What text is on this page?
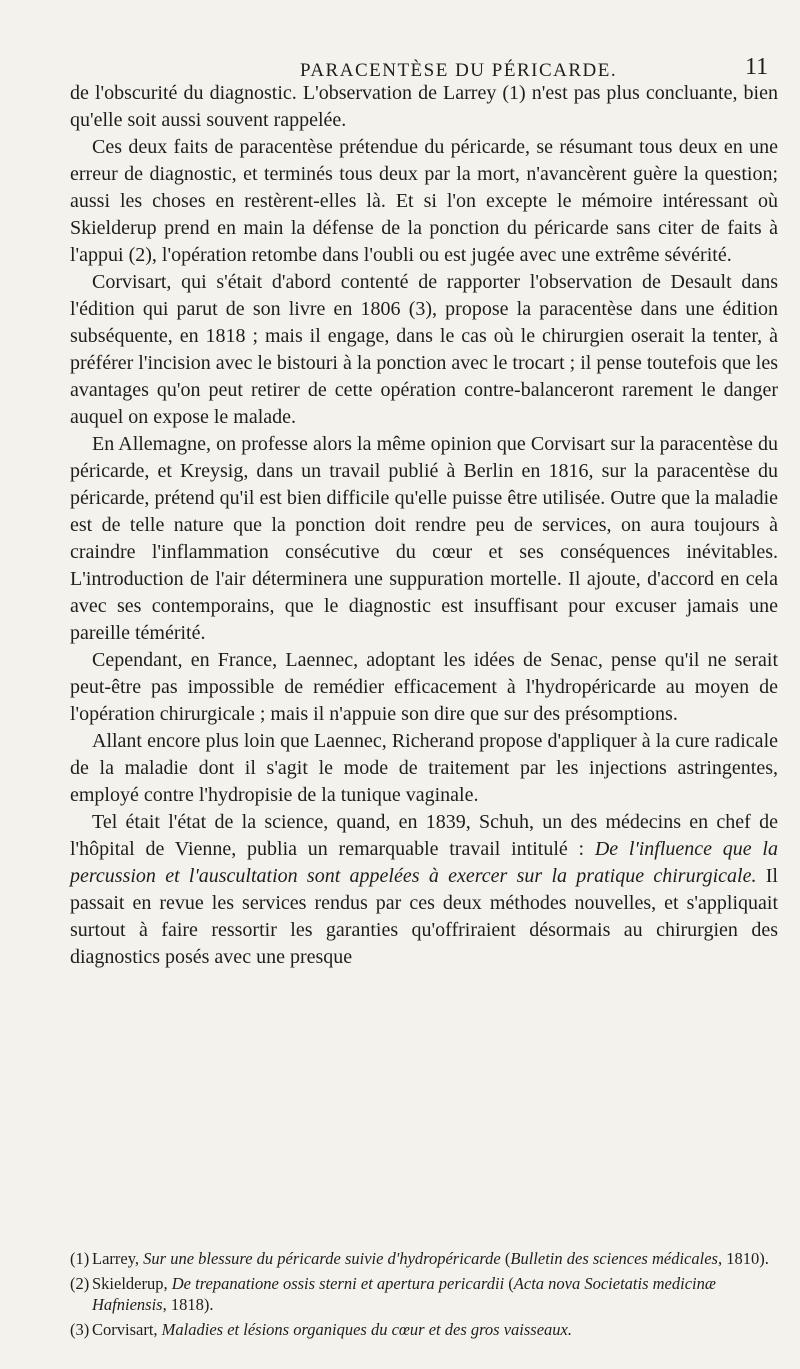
PARACENTÈSE DU PÉRICARDE.	11

de l'obscurité du diagnostic. L'observation de Larrey (1) n'est pas plus concluante, bien qu'elle soit aussi souvent rappelée.

Ces deux faits de paracentèse prétendue du péricarde, se résumant tous deux en une erreur de diagnostic, et terminés tous deux par la mort, n'avancèrent guère la question; aussi les choses en restèrent-elles là. Et si l'on excepte le mémoire intéressant où Skielderup prend en main la défense de la ponction du péricarde sans citer de faits à l'appui (2), l'opération retombe dans l'oubli ou est jugée avec une extrême sévérité.

Corvisart, qui s'était d'abord contenté de rapporter l'observation de Desault dans l'édition qui parut de son livre en 1806 (3), propose la paracentèse dans une édition subséquente, en 1818 ; mais il engage, dans le cas où le chirurgien oserait la tenter, à préférer l'incision avec le bistouri à la ponction avec le trocart ; il pense toutefois que les avantages qu'on peut retirer de cette opération contre-balanceront rarement le danger auquel on expose le malade.

En Allemagne, on professe alors la même opinion que Corvisart sur la paracentèse du péricarde, et Kreysig, dans un travail publié à Berlin en 1816, sur la paracentèse du péricarde, prétend qu'il est bien difficile qu'elle puisse être utilisée. Outre que la maladie est de telle nature que la ponction doit rendre peu de services, on aura toujours à craindre l'inflammation consécutive du cœur et ses conséquences inévitables. L'introduction de l'air déterminera une suppuration mortelle. Il ajoute, d'accord en cela avec ses contemporains, que le diagnostic est insuffisant pour excuser jamais une pareille témérité.

Cependant, en France, Laennec, adoptant les idées de Senac, pense qu'il ne serait peut-être pas impossible de remédier efficacement à l'hydropéricarde au moyen de l'opération chirurgicale ; mais il n'appuie son dire que sur des présomptions.

Allant encore plus loin que Laennec, Richerand propose d'appliquer à la cure radicale de la maladie dont il s'agit le mode de traitement par les injections astringentes, employé contre l'hydropisie de la tunique vaginale.

Tel était l'état de la science, quand, en 1839, Schuh, un des médecins en chef de l'hôpital de Vienne, publia un remarquable travail intitulé : De l'influence que la percussion et l'auscultation sont appelées à exercer sur la pratique chirurgicale. Il passait en revue les services rendus par ces deux méthodes nouvelles, et s'appliquait surtout à faire ressortir les garanties qu'offriraient désormais au chirurgien des diagnostics posés avec une presque

(1) Larrey, Sur une blessure du péricarde suivie d'hydropéricarde (Bulletin des sciences médicales, 1810).

(2) Skielderup, De trepanatione ossis sterni et apertura pericardii (Acta nova Societatis medicinæ Hafniensis, 1818).

(3) Corvisart, Maladies et lésions organiques du cœur et des gros vaisseaux.
